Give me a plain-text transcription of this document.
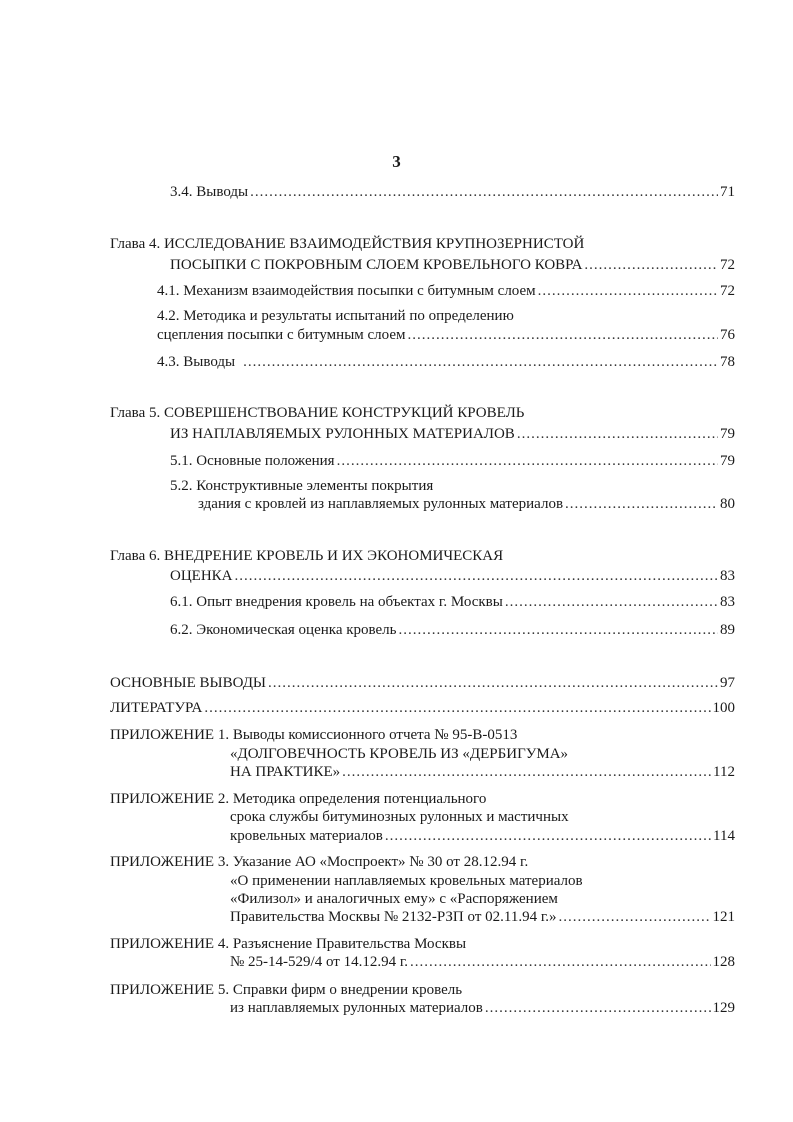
3
3.4. Выводы .....	71
Глава 4. ИССЛЕДОВАНИЕ ВЗАИМОДЕЙСТВИЯ КРУПНОЗЕРНИСТОЙ
ПОСЫПКИ С ПОКРОВНЫМ СЛОЕМ КРОВЕЛЬНОГО КОВРА .....	72
4.1. Механизм взаимодействия посыпки с битумным слоем .....	72
4.2. Методика и результаты испытаний по определению
сцепления посыпки с битумным слоем .....	76
4.3. Выводы .....	78
Глава 5. СОВЕРШЕНСТВОВАНИЕ КОНСТРУКЦИЙ КРОВЕЛЬ
ИЗ НАПЛАВЛЯЕМЫХ РУЛОННЫХ МАТЕРИАЛОВ .....	79
5.1. Основные положения .....	79
5.2. Конструктивные элементы покрытия
здания с кровлей из наплавляемых рулонных материалов .....	80
Глава 6. ВНЕДРЕНИЕ КРОВЕЛЬ И ИХ ЭКОНОМИЧЕСКАЯ
ОЦЕНКА .....	83
6.1. Опыт внедрения кровель на объектах г. Москвы .....	83
6.2. Экономическая оценка кровель .....	89
ОСНОВНЫЕ ВЫВОДЫ .....	97
ЛИТЕРАТУРА .....	100
ПРИЛОЖЕНИЕ 1. Выводы комиссионного отчета № 95-В-0513
«ДОЛГОВЕЧНОСТЬ КРОВЕЛЬ ИЗ «ДЕРБИГУМА»
НА ПРАКТИКЕ» .....	112
ПРИЛОЖЕНИЕ 2. Методика определения потенциального
срока службы битуминозных рулонных и мастичных
кровельных материалов .....	114
ПРИЛОЖЕНИЕ 3. Указание АО «Моспроект» № 30 от 28.12.94 г.
«О применении наплавляемых кровельных материалов
«Филизол» и аналогичных ему» с «Распоряжением
Правительства Москвы № 2132-РЗП от 02.11.94 г.» .....	121
ПРИЛОЖЕНИЕ 4. Разъяснение Правительства Москвы
№ 25-14-529/4 от 14.12.94 г. .....	128
ПРИЛОЖЕНИЕ 5. Справки фирм о внедрении кровель
из наплавляемых рулонных материалов .....	129
